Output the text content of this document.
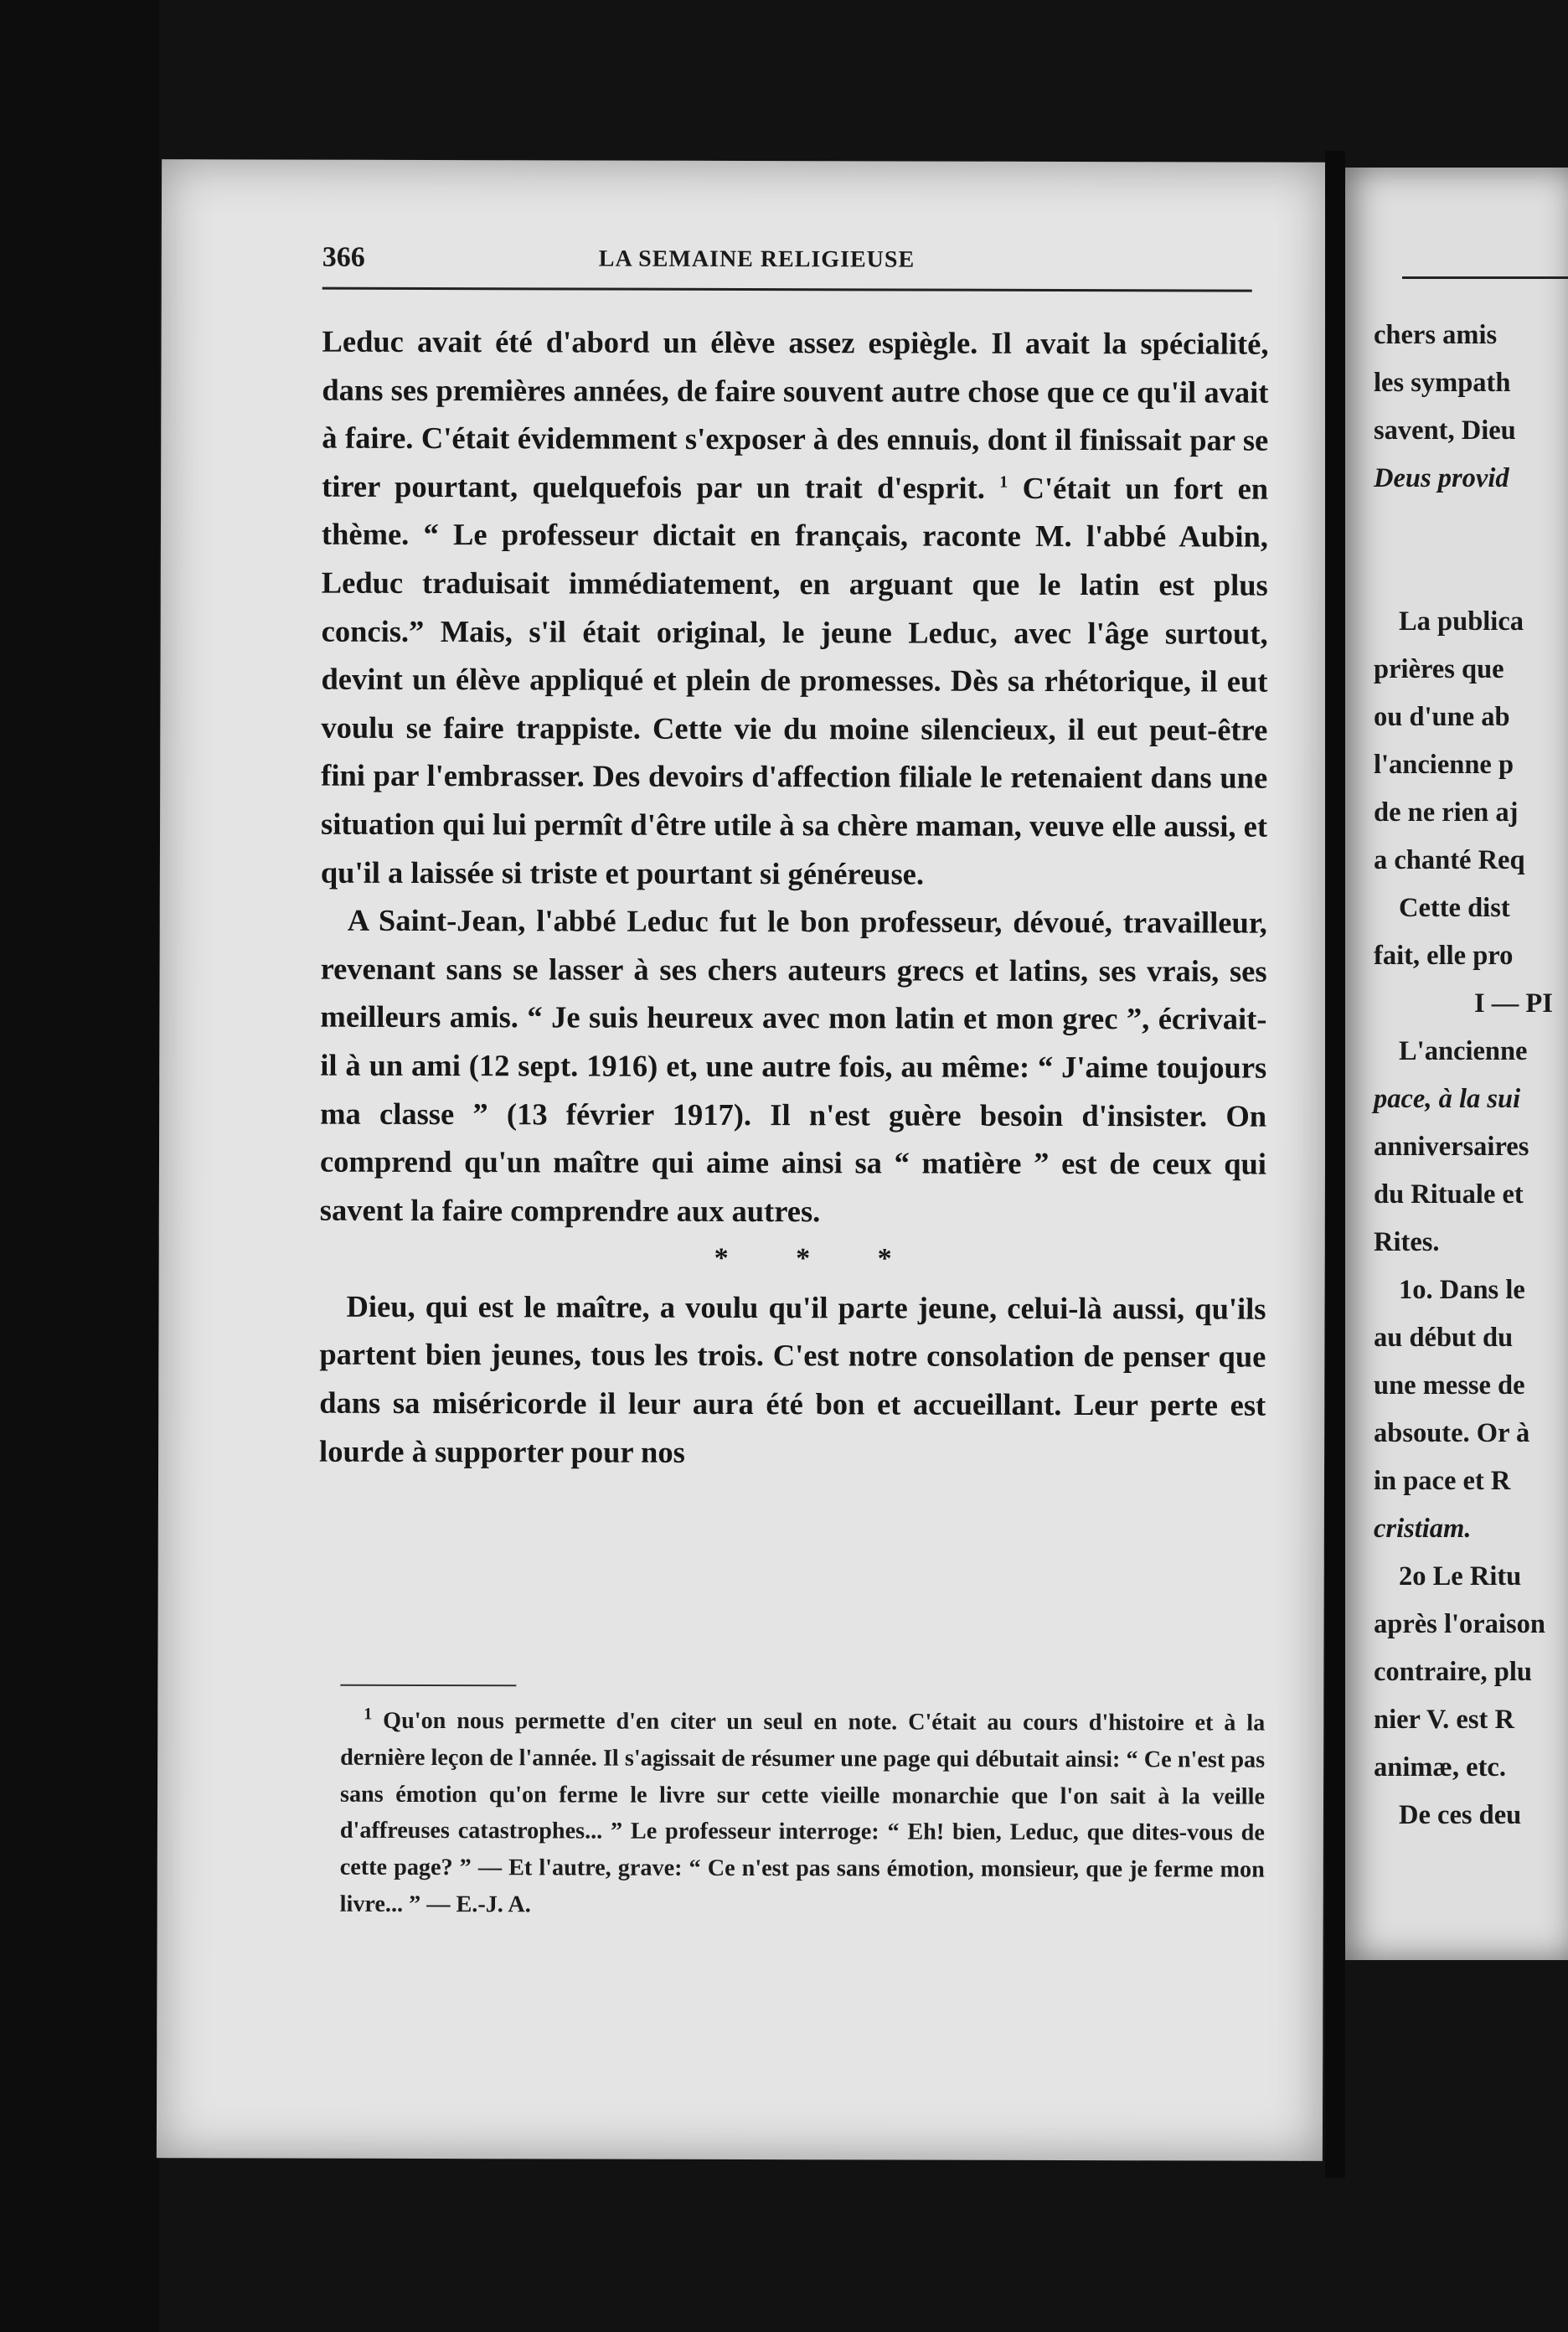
366	LA SEMAINE RELIGIEUSE

Leduc avait été d'abord un élève assez espiègle. Il avait la spécialité, dans ses premières années, de faire souvent autre chose que ce qu'il avait à faire. C'était évidemment s'exposer à des ennuis, dont il finissait par se tirer pourtant, quelquefois par un trait d'esprit. $^1$ C'était un fort en thème. “ Le professeur dictait en français, raconte M. l'abbé Aubin, Leduc traduisait immédiatement, en arguant que le latin est plus concis.” Mais, s'il était original, le jeune Leduc, avec l'âge surtout, devint un élève appliqué et plein de promesses. Dès sa rhétorique, il eut voulu se faire trappiste. Cette vie du moine silencieux, il eut peut-être fini par l'embrasser. Des devoirs d'affection filiale le retenaient dans une situation qui lui permît d'être utile à sa chère maman, veuve elle aussi, et qu'il a laissée si triste et pourtant si généreuse.

A Saint-Jean, l'abbé Leduc fut le bon professeur, dévoué, travailleur, revenant sans se lasser à ses chers auteurs grecs et latins, ses vrais, ses meilleurs amis. “ Je suis heureux avec mon latin et mon grec ”, écrivait-il à un ami (12 sept. 1916) et, une autre fois, au même: “ J'aime toujours ma classe ” (13 février 1917). Il n'est guère besoin d'insister. On comprend qu'un maître qui aime ainsi sa “ matière ” est de ceux qui savent la faire comprendre aux autres.

* * *

Dieu, qui est le maître, a voulu qu'il parte jeune, celui-là aussi, qu'ils partent bien jeunes, tous les trois. C'est notre consolation de penser que dans sa miséricorde il leur aura été bon et accueillant. Leur perte est lourde à supporter pour nos

$^1$ Qu'on nous permette d'en citer un seul en note. C'était au cours d'histoire et à la dernière leçon de l'année. Il s'agissait de résumer une page qui débutait ainsi: “ Ce n'est pas sans émotion qu'on ferme le livre sur cette vieille monarchie que l'on sait à la veille d'affreuses catastrophes... ” Le professeur interroge: “ Eh! bien, Leduc, que dites-vous de cette page? ” — Et l'autre, grave: “ Ce n'est pas sans émotion, monsieur, que je ferme mon livre... ” — E.-J. A.

chers amis
les sympath
savent, Dieu
Deus provid
La publica
prières que
ou d'une ab
l'ancienne p
de ne rien aj
a chanté Req
Cette dist
fait, elle pro
I — PI
L'ancienne
pace, à la sui
anniversaires
du Rituale et
Rites.
1o. Dans le
au début du
une messe de
absoute. Or à
in pace et R
cristiam.
2o Le Ritu
après l'oraison
contraire, plu
nier V. est R
animæ, etc.
De ces deu
